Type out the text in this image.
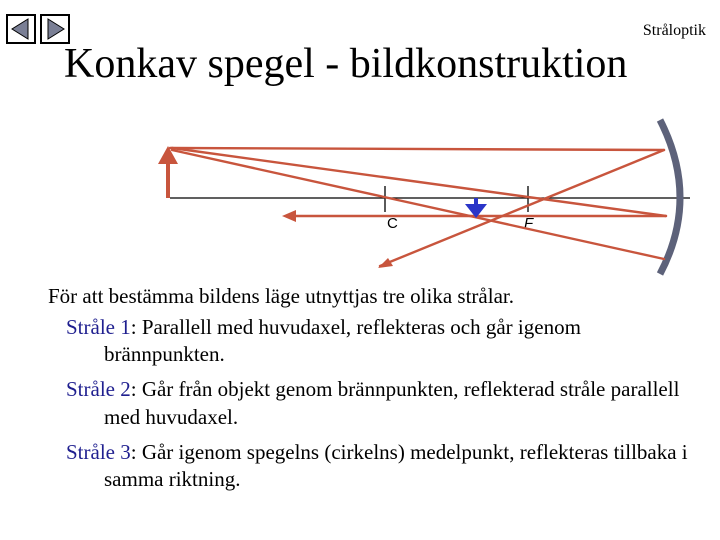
Stråloptik
Konkav spegel - bildkonstruktion
C	F

För att bestämma bildens läge utnyttjas tre olika strålar.

Stråle 1: Parallell med huvudaxel, reflekteras och går igenom brännpunkten.

Stråle 2: Går från objekt genom brännpunkten, reflekterad stråle parallell med huvudaxel.

Stråle 3: Går igenom spegelns (cirkelns) medelpunkt, reflekteras tillbaka i samma riktning.
